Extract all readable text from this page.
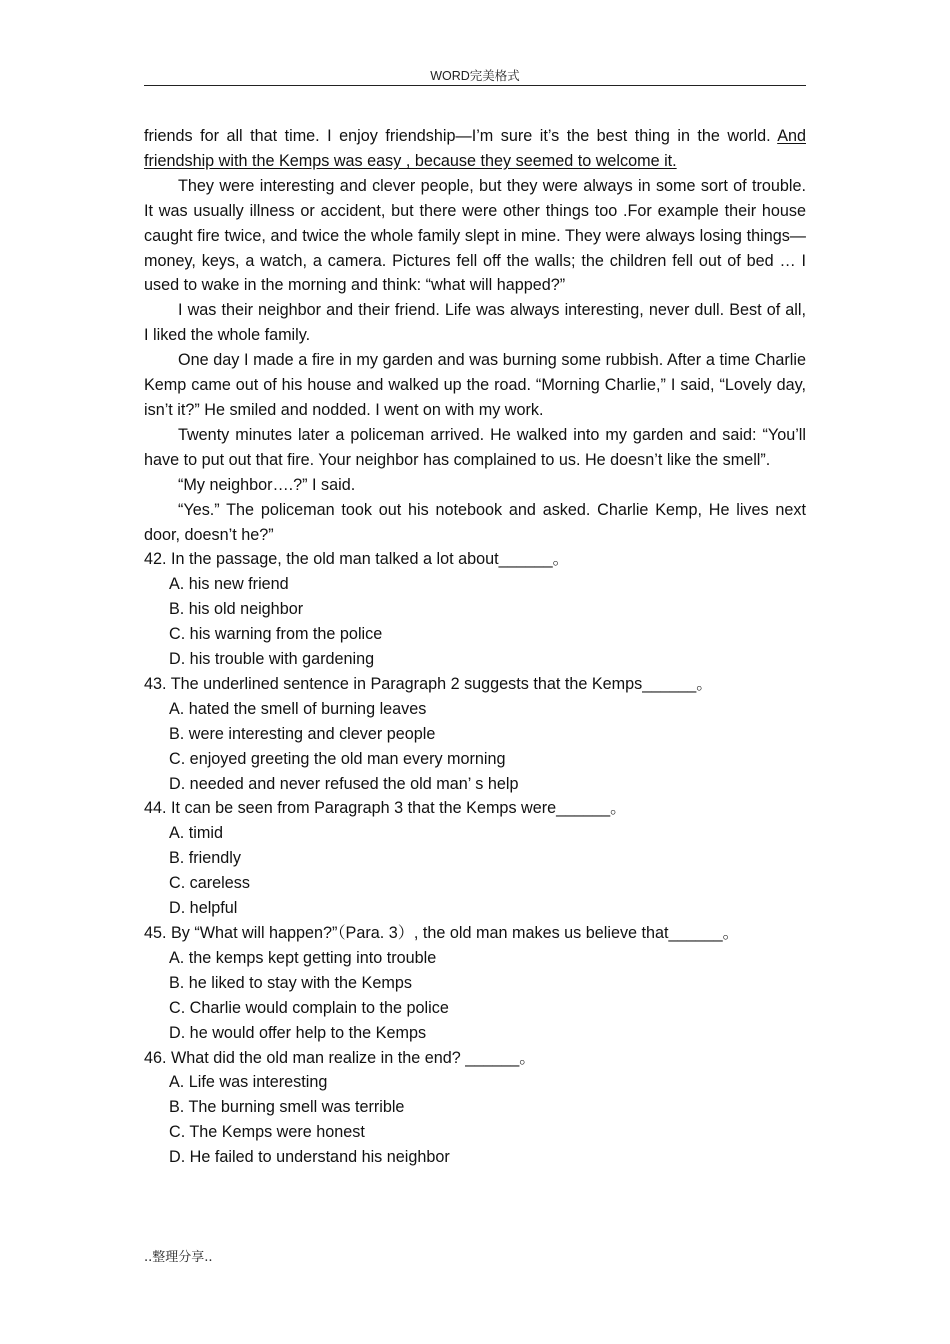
WORD完美格式

friends for all that time. I enjoy friendship—I’m sure it’s the best thing in the world. And friendship with the Kemps was easy , because they seemed to welcome it.

They were interesting and clever people, but they were always in some sort of trouble. It was usually illness or accident, but there were other things too .For example their house caught fire twice, and twice the whole family slept in mine. They were always losing things—money, keys, a watch, a camera. Pictures fell off the walls; the children fell out of bed … I used to wake in the morning and think: “what will happed?”

I was their neighbor and their friend. Life was always interesting, never dull. Best of all, I liked the whole family.

One day I made a fire in my garden and was burning some rubbish. After a time Charlie Kemp came out of his house and walked up the road. “Morning Charlie,” I said, “Lovely day, isn’t it?” He smiled and nodded. I went on with my work.

Twenty minutes later a policeman arrived. He walked into my garden and said: “You’ll have to put out that fire. Your neighbor has complained to us. He doesn’t like the smell”.

“My neighbor….?” I said.

“Yes.” The policeman took out his notebook and asked. Charlie Kemp, He lives next door, doesn’t he?”

42. In the passage, the old man talked a lot about______。

A. his new friend

B. his old neighbor

C. his warning from the police

D. his trouble with gardening

43. The underlined sentence in Paragraph 2 suggests that the Kemps______。

A. hated the smell of burning leaves

B. were interesting and clever people

C. enjoyed greeting the old man every morning

D. needed and never refused the old man’ s help

44. It can be seen from Paragraph 3 that the Kemps were______。

A. timid

B. friendly

C. careless

D. helpful

45. By “What will happen?”（Para. 3）, the old man makes us believe that______。

A. the kemps kept getting into trouble

B. he liked to stay with the Kemps

C. Charlie would complain to the police

D. he would offer help to the Kemps

46. What did the old man realize in the end? ______。

A. Life was interesting

B. The burning smell was terrible

C. The Kemps were honest

D. He failed to understand his neighbor

..整理分享..
